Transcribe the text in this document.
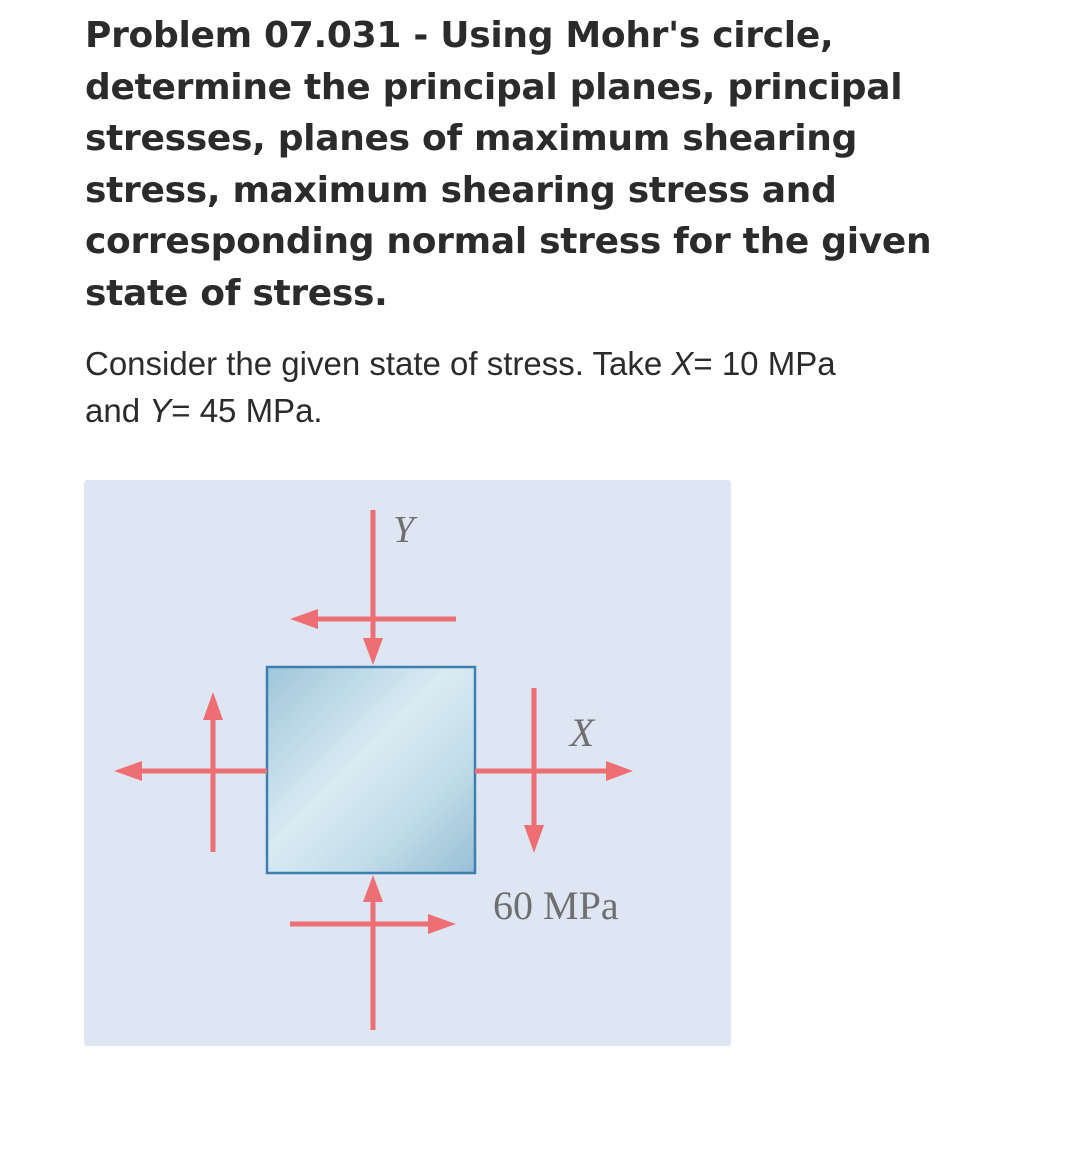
Problem 07.031 - Using Mohr's circle, determine the principal planes, principal stresses, planes of maximum shearing stress, maximum shearing stress and corresponding normal stress for the given state of stress.

Consider the given state of stress. Take X= 10 MPa
and Y= 45 MPa.

Y
X
60 MPa
